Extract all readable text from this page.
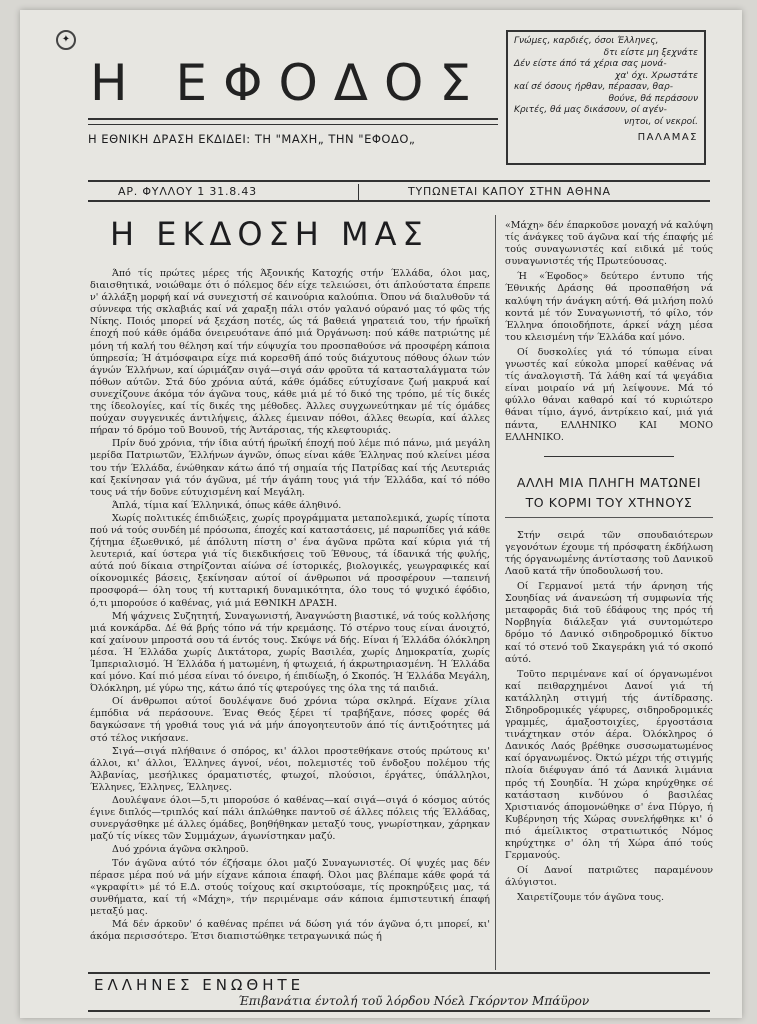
✦
Η ΕΦΟΔΟΣ
Η ΕΘΝΙΚΗ ΔΡΑΣΗ ΕΚΔΙΔΕΙ: ΤΗ "ΜΑΧΗ„ ΤΗΝ "ΕΦΟΔΟ„
Γνώμες, καρδιές, όσοι Έλληνες,
δτι είστε μη ξεχνάτε
Δέν είστε άπό τά χέρια σας μονά-
χα' όχι. Χρωστάτε
καί σέ όσους ήρθαν, πέρασαν, θαρ-
θούνε, θά περάσουν
Κριτές, θά μας δικάσουν, οί αγέν-
νητοι, οί νεκροί.
ΠΑΛΑΜΑΣ
ΑΡ. ΦΥΛΛΟΥ 1 31.8.43	ΤΥΠΩΝΕΤΑΙ ΚΑΠΟΥ ΣΤΗΝ ΑΘΗΝΑ
Η ΕΚΔΟΣΗ ΜΑΣ

Άπό τίς πρώτες μέρες τής Άξονικής Κατοχής στήν Έλλάδα, όλοι μας, διαισθητικά, νοιώθαμε ότι ό πόλεμος δέν είχε τελειώσει, ότι άπλούστατα έπρεπε ν' άλλάξη μορφή καί νά συνεχιστή σέ καινούρια καλούπια. Όπου νά διαλυθοῦν τά σύννεφα τής σκλαβιάς καί νά χαραξη πάλι στόν γαλανό ούρανό μας τό φῶς τής Νίκης. Ποιός μπορεί νά ξεχάση ποτές, ώς τά βαθειά γηρατειά του, τήν ήρωϊκή έποχή πού κάθε όμάδα όνειρευότανε άπό μιά Όργάνωση: πού κάθε πατριώτης μέ μόνη τή καλή του θέληση καί τήν εύψυχία του προσπαθούσε νά προσφέρη κάποια ύπηρεσία; Ή άτμόσφαιρα είχε πιά κορεσθῆ άπό τούς διάχυτους πόθους όλων τών άγνών Έλλήνων, καί ώριμάζαν σιγά—σιγά σάν φροῦτα τά κατασταλάγματα τών πόθων αύτῶν. Στά δύο χρόνια αύτά, κάθε όμάδες εύτυχίσανε ζωή μακρυά καί συνεχίζουνε άκόμα τόν άγῶνα τους, κάθε μιά μέ τό δικό της τρόπο, μέ τίς δικές της ίδεολογίες, καί τίς δικές της μέθοδες. Άλλες συγχωνεύτηκαν μέ τίς όμάδες πούχαν συγγενικές άντιλήψεις, άλλες έμειναν πόθοι, άλλες θεωρία, καί άλλες πήραν τό δρόμο τοῦ Βουνοῦ, τής Άντάρσιας, τής κλεφτουριάς.

Πρίν δυό χρόνια, τήν ίδια αύτή ήρωϊκή έποχή πού λέμε πιό πάνω, μιά μεγάλη μερίδα Πατριωτῶν, Έλλήνων άγνῶν, όπως είναι κάθε Έλληνας πού κλείνει μέσα του τήν Έλλάδα, ένώθηκαν κάτω άπό τή σημαία τής Πατρίδας καί τής Λευτεριάς καί ξεκίνησαν γιά τόν άγῶνα, μέ τήν άγάπη τους γιά τήν Έλλάδα, καί τό πόθο τους νά τήν δοῦνε εύτυχισμένη καί Μεγάλη.

Άπλά, τίμια καί Έλληνικά, όπως κάθε άληθινό.

Χωρίς πολιτικές έπιδιώξεις, χωρίς προγράμματα μεταπολεμικά, χωρίς τίποτα πού νά τούς συνδέη μέ πρόσωπα, έποχές καί καταστάσεις, μέ παρωπίδες γιά κάθε ζήτημα έξωεθνικό, μέ άπόλυτη πίστη σ' ένα άγῶνα πρῶτα καί κύρια γιά τή λευτεριά, καί ύστερα γιά τίς διεκδικήσεις τοῦ Έθνους, τά ίδανικά τής φυλής, αύτά πού δίκαια στηρίζονται αίώνα σέ ίστορικές, βιολογικές, γεωγραφικές καί οίκονομικές βάσεις, ξεκίνησαν αύτοί οί άνθρωποι νά προσφέρουν —ταπεινή προσφορά— όλη τους τή κυτταρική δυναμικότητα, όλο τους τό ψυχικό έφόδιο, ό,τι μπορούσε ό καθένας, γιά μιά ΕΘΝΙΚΗ ΔΡΑΣΗ.

Μή ψάχνεις Συζητητή, Συναγωνιστή, Άναγνώστη βιαστικέ, νά τούς κολλήσης μιά κονκάρδα. Δέ θά βρής τόπο νά τήν κρεμάσης. Τό στέρνο τους είναι άνοιχτό, καί χαίνουν μπροστά σου τά έντός τους. Σκύψε νά δής. Είναι ή Έλλάδα όλόκληρη μέσα. Ή Έλλάδα χωρίς Δικτάτορα, χωρίς Βασιλέα, χωρίς Δημοκρατία, χωρίς Ίμπεριαλισμό. Ή Έλλάδα ή ματωμένη, ή φτωχειά, ή άκρωτηριασμένη. Ή Έλλάδα καί μόνο. Καί πιό μέσα είναι τό όνειρο, ή έπιδίωξη, ό Σκοπός. Ή Έλλάδα Μεγάλη, Όλόκληρη, μέ γύρω της, κάτω άπό τίς φτερούγες της όλα της τά παιδιά.

Οί άνθρωποι αύτοί δουλέψανε δυό χρόνια τώρα σκληρά. Είχανε χίλια έμπόδια νά περάσουνε. Ένας Θεός ξέρει τί τραβήξανε, πόσες φορές θά δαγκώσανε τή γροθιά τους γιά νά μήν άπογοητευτοῦν άπό τίς άντιξοότητες μά στό τέλος νικήσανε.

Σιγά—σιγά πλήθαινε ό σπόρος, κι' άλλοι προστεθήκανε στούς πρώτους κι' άλλοι, κι' άλλοι, Έλληνες άγνοί, νέοι, πολεμιστές τοῦ ένδοξου πολέμου τής Άλβανίας, μεσήλικες όραματιστές, φτωχοί, πλούσιοι, έργάτες, ύπάλληλοι, Έλληνες, Έλληνες, Έλληνες.

Δουλέψανε όλοι—5,τι μπορούσε ό καθένας—καί σιγά—σιγά ό κόσμος αύτός έγινε διπλός—τριπλός καί πάλι άπλώθηκε παντοῦ σέ άλλες πόλεις τής Έλλάδας, συνεργάσθηκε μέ άλλες όμάδες, βοηθήθηκαν μεταξύ τους, γνωρίστηκαν, χάρηκαν μαζύ τίς νίκες τῶν Συμμάχων, άγωνίστηκαν μαζύ.

Δυό χρόνια άγῶνα σκληροῦ.

Τόν άγῶνα αύτό τόν έζήσαμε όλοι μαζύ Συναγωνιστές. Οί ψυχές μας δέν πέρασε μέρα πού νά μήν είχανε κάποια έπαφή. Όλοι μας βλέπαμε κάθε φορά τά «γκραφίτι» μέ τό Ε.Δ. στούς τοίχους καί σκιρτούσαμε, τίς προκηρύξεις μας, τά συνθήματα, καί τή «Μάχη», τήν περιμέναμε σάν κάποια έμπιστευτική έπαφή μεταξύ μας.

Μά δέν άρκοῦν' ό καθένας πρέπει νά δώση γιά τόν άγῶνα ό,τι μπορεί, κι' άκόμα περισσότερο. Έτσι διαπιστώθηκε τετραγωνικά πώς ή

«Μάχη» δέν έπαρκοῦσε μοναχή νά καλύψη τίς άνάγκες τοῦ άγῶνα καί τής έπαφής μέ τούς συναγωνιστές καί ειδικά μέ τούς συναγωνιστές τής Πρωτεύουσας.

Ή «Έφοδος» δεύτερο έντυπο τής Έθνικής Δράσης θά προσπαθήση νά καλύψη τήν άνάγκη αύτή. Θά μιλήση πολύ κοντά μέ τόν Συναγωνιστή, τό φίλο, τόν Έλληνα όποιοδήποτε, άρκεί νάχη μέσα του κλεισμένη τήν Έλλάδα καί μόνο.

Οί δυσκολίες γιά τό τύπωμα είναι γνωστές καί εύκολα μπορεί καθένας νά τίς άναλογιστῆ. Τά λάθη καί τά ψεγάδια είναι μοιραίο νά μή λείψουνε. Μά τό φύλλο θάναι καθαρό καί τό κυριώτερο θάναι τίμιο, άγνό, άντρίκειο καί, μιά γιά πάντα, ΕΛΛΗΝΙΚΟ ΚΑΙ ΜΟΝΟ ΕΛΛΗΝΙΚΟ.

ΑΛΛΗ ΜΙΑ ΠΛΗΓΗ ΜΑΤΩΝΕΙ
ΤΟ ΚΟΡΜΙ ΤΟΥ ΧΤΗΝΟΥΣ

Στήν σειρά τῶν σπουδαιότερων γεγονότων έχουμε τή πρόσφατη έκδήλωση τής όργανωμένης άντίστασης τοῦ Δανικοῦ Λαοῦ κατά τῆν ύποδουλωσή του.

Οί Γερμανοί μετά τήν άρνηση τής Σουηδίας νά άνανεώση τή συμφωνία τής μεταφορᾶς διά τοῦ έδάφους της πρός τή Νορβηγία διάλεξαν γιά συντομώτερο δρόμο τό Δανικό σιδηροδρομικό δίκτυο καί τό στενό τοῦ Σκαγεράκη γιά τό σκοπό αύτό.

Τοῦτο περιμένανε καί οί όργανωμένοι καί πειθαρχημένοι Δανοί γιά τή κατάλληλη στιγμή τής άντίδρασης. Σιδηροδρομικές γέφυρες, σιδηροδρομικές γραμμές, άμαξοστοιχίες, έργοστάσια τινάχτηκαν στόν άέρα. Όλόκληρος ό Δανικός Λαός βρέθηκε συσσωματωμένος καί όργανωμένος. Όκτώ μέχρι τής στιγμής πλοία διέφυγαν άπό τά Δανικά λιμάνια πρός τή Σουηδία. Ή χώρα κηρύχθηκε σέ κατάσταση κινδύνου ό βασιλέας Χριστιανός άπομονώθηκε σ' ένα Πύργο, ή Κυβέρνηση τής Χώρας συνελήφθηκε κι' ό πιό άμείλικτος στρατιωτικός Νόμος κηρύχτηκε σ' όλη τή Χώρα άπό τούς Γερμανούς.

Οί Δανοί πατριῶτες παραμένουν άλύγιστοι.

Χαιρετίζουμε τόν άγῶνα τους.

ΕΛΛΗΝΕΣ ΕΝΩΘΗΤΕ
Έπιβανάτια έντολή τοῦ λόρδου Νόελ Γκόρντον Μπάϋρον
